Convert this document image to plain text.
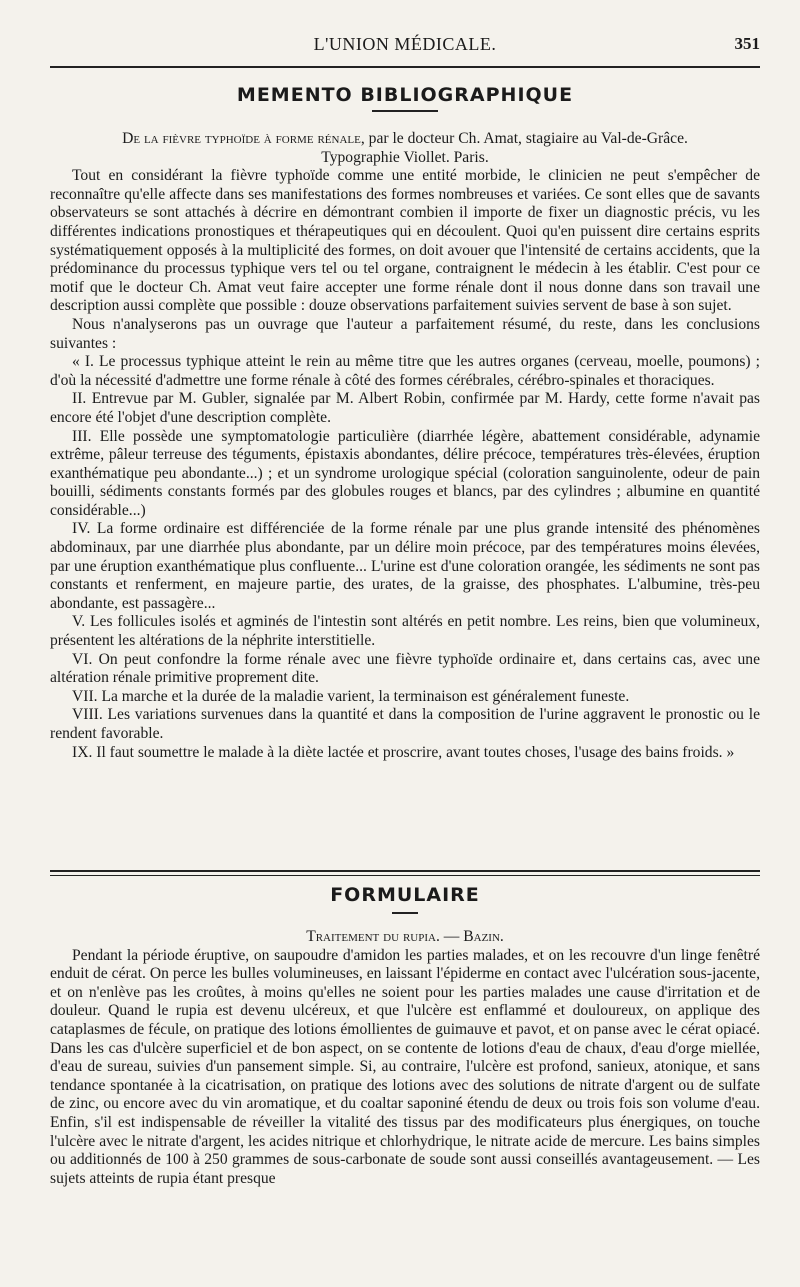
L'UNION MÉDICALE.	351
MEMENTO BIBLIOGRAPHIQUE

De la fièvre typhoïde à forme rénale, par le docteur Ch. Amat, stagiaire au Val-de-Grâce.

Typographie Viollet. Paris.

Tout en considérant la fièvre typhoïde comme une entité morbide, le clinicien ne peut s'empêcher de reconnaître qu'elle affecte dans ses manifestations des formes nombreuses et variées. Ce sont elles que de savants observateurs se sont attachés à décrire en démontrant combien il importe de fixer un diagnostic précis, vu les différentes indications pronostiques et thérapeutiques qui en découlent. Quoi qu'en puissent dire certains esprits systématiquement opposés à la multiplicité des formes, on doit avouer que l'intensité de certains accidents, que la prédominance du processus typhique vers tel ou tel organe, contraignent le médecin à les établir. C'est pour ce motif que le docteur Ch. Amat veut faire accepter une forme rénale dont il nous donne dans son travail une description aussi complète que possible : douze observations parfaitement suivies servent de base à son sujet.

Nous n'analyserons pas un ouvrage que l'auteur a parfaitement résumé, du reste, dans les conclusions suivantes :

« I. Le processus typhique atteint le rein au même titre que les autres organes (cerveau, moelle, poumons) ; d'où la nécessité d'admettre une forme rénale à côté des formes cérébrales, cérébro-spinales et thoraciques.

II. Entrevue par M. Gubler, signalée par M. Albert Robin, confirmée par M. Hardy, cette forme n'avait pas encore été l'objet d'une description complète.

III. Elle possède une symptomatologie particulière (diarrhée légère, abattement considérable, adynamie extrême, pâleur terreuse des téguments, épistaxis abondantes, délire précoce, températures très-élevées, éruption exanthématique peu abondante...) ; et un syndrome urologique spécial (coloration sanguinolente, odeur de pain bouilli, sédiments constants formés par des globules rouges et blancs, par des cylindres ; albumine en quantité considérable...)

IV. La forme ordinaire est différenciée de la forme rénale par une plus grande intensité des phénomènes abdominaux, par une diarrhée plus abondante, par un délire moin précoce, par des températures moins élevées, par une éruption exanthématique plus confluente... L'urine est d'une coloration orangée, les sédiments ne sont pas constants et renferment, en majeure partie, des urates, de la graisse, des phosphates. L'albumine, très-peu abondante, est passagère...

V. Les follicules isolés et agminés de l'intestin sont altérés en petit nombre. Les reins, bien que volumineux, présentent les altérations de la néphrite interstitielle.

VI. On peut confondre la forme rénale avec une fièvre typhoïde ordinaire et, dans certains cas, avec une altération rénale primitive proprement dite.

VII. La marche et la durée de la maladie varient, la terminaison est généralement funeste.

VIII. Les variations survenues dans la quantité et dans la composition de l'urine aggravent le pronostic ou le rendent favorable.

IX. Il faut soumettre le malade à la diète lactée et proscrire, avant toutes choses, l'usage des bains froids. »

FORMULAIRE

Traitement du rupia. — Bazin.

Pendant la période éruptive, on saupoudre d'amidon les parties malades, et on les recouvre d'un linge fenêtré enduit de cérat. On perce les bulles volumineuses, en laissant l'épiderme en contact avec l'ulcération sous-jacente, et on n'enlève pas les croûtes, à moins qu'elles ne soient pour les parties malades une cause d'irritation et de douleur. Quand le rupia est devenu ulcéreux, et que l'ulcère est enflammé et douloureux, on applique des cataplasmes de fécule, on pratique des lotions émollientes de guimauve et pavot, et on panse avec le cérat opiacé. Dans les cas d'ulcère superficiel et de bon aspect, on se contente de lotions d'eau de chaux, d'eau d'orge miellée, d'eau de sureau, suivies d'un pansement simple. Si, au contraire, l'ulcère est profond, sanieux, atonique, et sans tendance spontanée à la cicatrisation, on pratique des lotions avec des solutions de nitrate d'argent ou de sulfate de zinc, ou encore avec du vin aromatique, et du coaltar saponiné étendu de deux ou trois fois son volume d'eau. Enfin, s'il est indispensable de réveiller la vitalité des tissus par des modificateurs plus énergiques, on touche l'ulcère avec le nitrate d'argent, les acides nitrique et chlorhydrique, le nitrate acide de mercure. Les bains simples ou additionnés de 100 à 250 grammes de sous-carbonate de soude sont aussi conseillés avantageusement. — Les sujets atteints de rupia étant presque
